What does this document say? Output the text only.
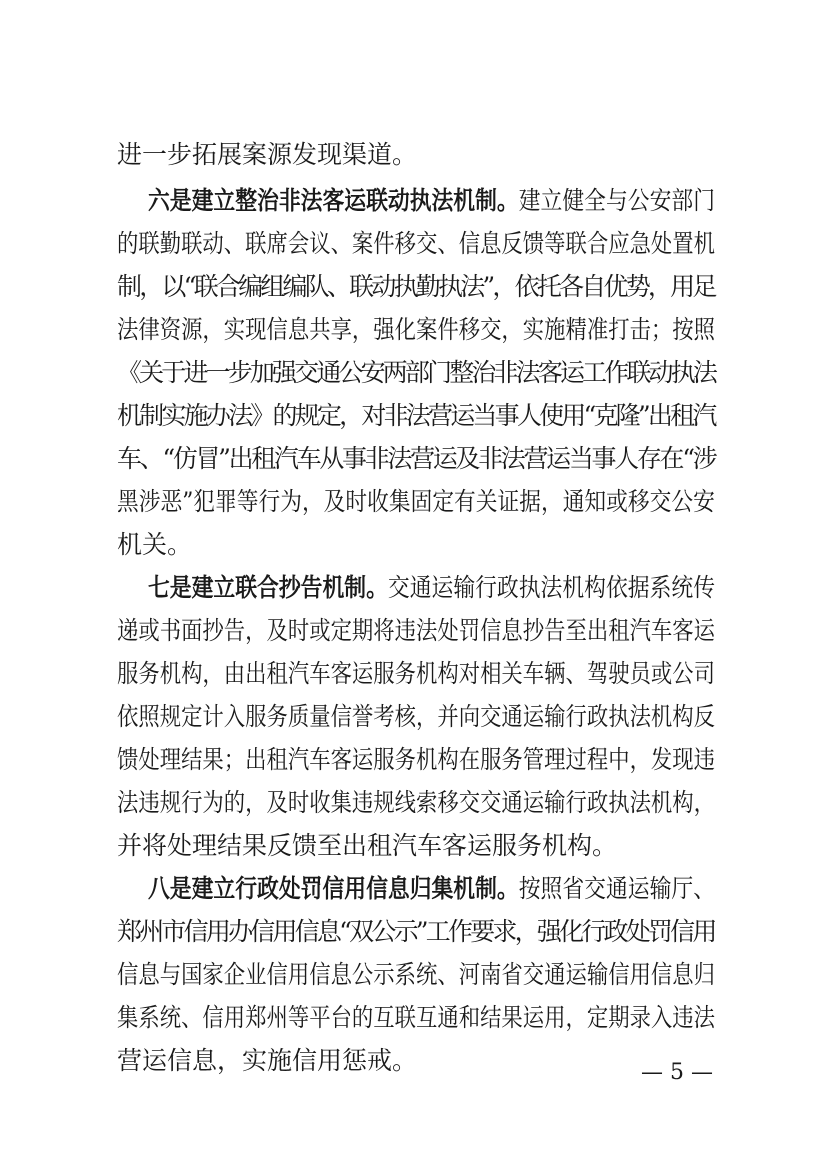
进一步拓展案源发现渠道。
六是建立整治非法客运联动执法机制。建立健全与公安部门
的联勤联动、联席会议、案件移交、信息反馈等联合应急处置机
制，以“联合编组编队、联动执勤执法”，依托各自优势，用足
法律资源，实现信息共享，强化案件移交，实施精准打击；按照
《关于进一步加强交通公安两部门整治非法客运工作联动执法
机制实施办法》的规定，对非法营运当事人使用“克隆”出租汽
车、“仿冒”出租汽车从事非法营运及非法营运当事人存在“涉
黑涉恶”犯罪等行为，及时收集固定有关证据，通知或移交公安
机关。
七是建立联合抄告机制。交通运输行政执法机构依据系统传
递或书面抄告，及时或定期将违法处罚信息抄告至出租汽车客运
服务机构，由出租汽车客运服务机构对相关车辆、驾驶员或公司
依照规定计入服务质量信誉考核，并向交通运输行政执法机构反
馈处理结果；出租汽车客运服务机构在服务管理过程中，发现违
法违规行为的，及时收集违规线索移交交通运输行政执法机构，
并将处理结果反馈至出租汽车客运服务机构。
八是建立行政处罚信用信息归集机制。按照省交通运输厅、
郑州市信用办信用信息“双公示”工作要求，强化行政处罚信用
信息与国家企业信用信息公示系统、河南省交通运输信用信息归
集系统、信用郑州等平台的互联互通和结果运用，定期录入违法
营运信息，实施信用惩戒。	— 5 —
